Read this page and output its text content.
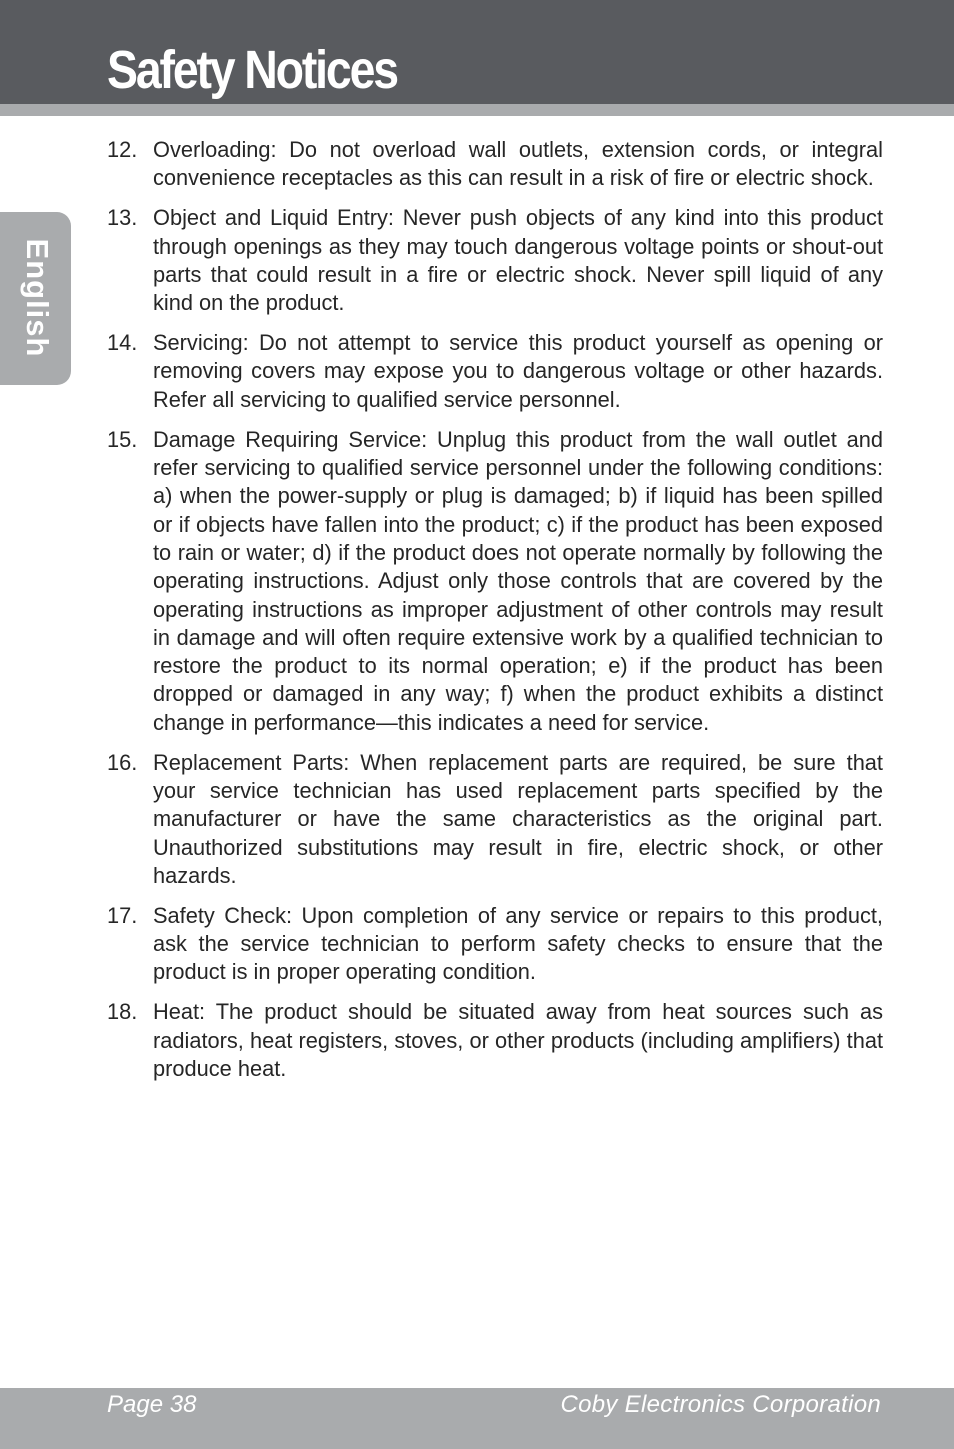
Safety Notices
English
12. Overloading: Do not overload wall outlets, extension cords, or integral convenience receptacles as this can result in a risk of fire or electric shock.
13. Object and Liquid Entry: Never push objects of any kind into this product through openings as they may touch dangerous voltage points or shout-out parts that could result in a fire or electric shock. Never spill liquid of any kind on the product.
14. Servicing: Do not attempt to service this product yourself as opening or removing covers may expose you to dangerous voltage or other hazards. Refer all servicing to qualified service personnel.
15. Damage Requiring Service: Unplug this product from the wall outlet and refer servicing to qualified service personnel under the following conditions: a) when the power-supply or plug is damaged; b) if liquid has been spilled or if objects have fallen into the product; c) if the product has been exposed to rain or water; d) if the product does not operate normally by following the operating instructions. Adjust only those controls that are covered by the operating instructions as improper adjustment of other controls may result in damage and will often require extensive work by a qualified technician to restore the product to its normal operation; e) if the product has been dropped or damaged in any way; f) when the product exhibits a distinct change in performance—this indicates a need for service.
16. Replacement Parts: When replacement parts are required, be sure that your service technician has used replacement parts specified by the manufacturer or have the same characteristics as the original part. Unauthorized substitutions may result in fire, electric shock, or other hazards.
17. Safety Check: Upon completion of any service or repairs to this product, ask the service technician to perform safety checks to ensure that the product is in proper operating condition.
18. Heat: The product should be situated away from heat sources such as radiators, heat registers, stoves, or other products (including amplifiers) that produce heat.
Page 38	Coby Electronics Corporation
